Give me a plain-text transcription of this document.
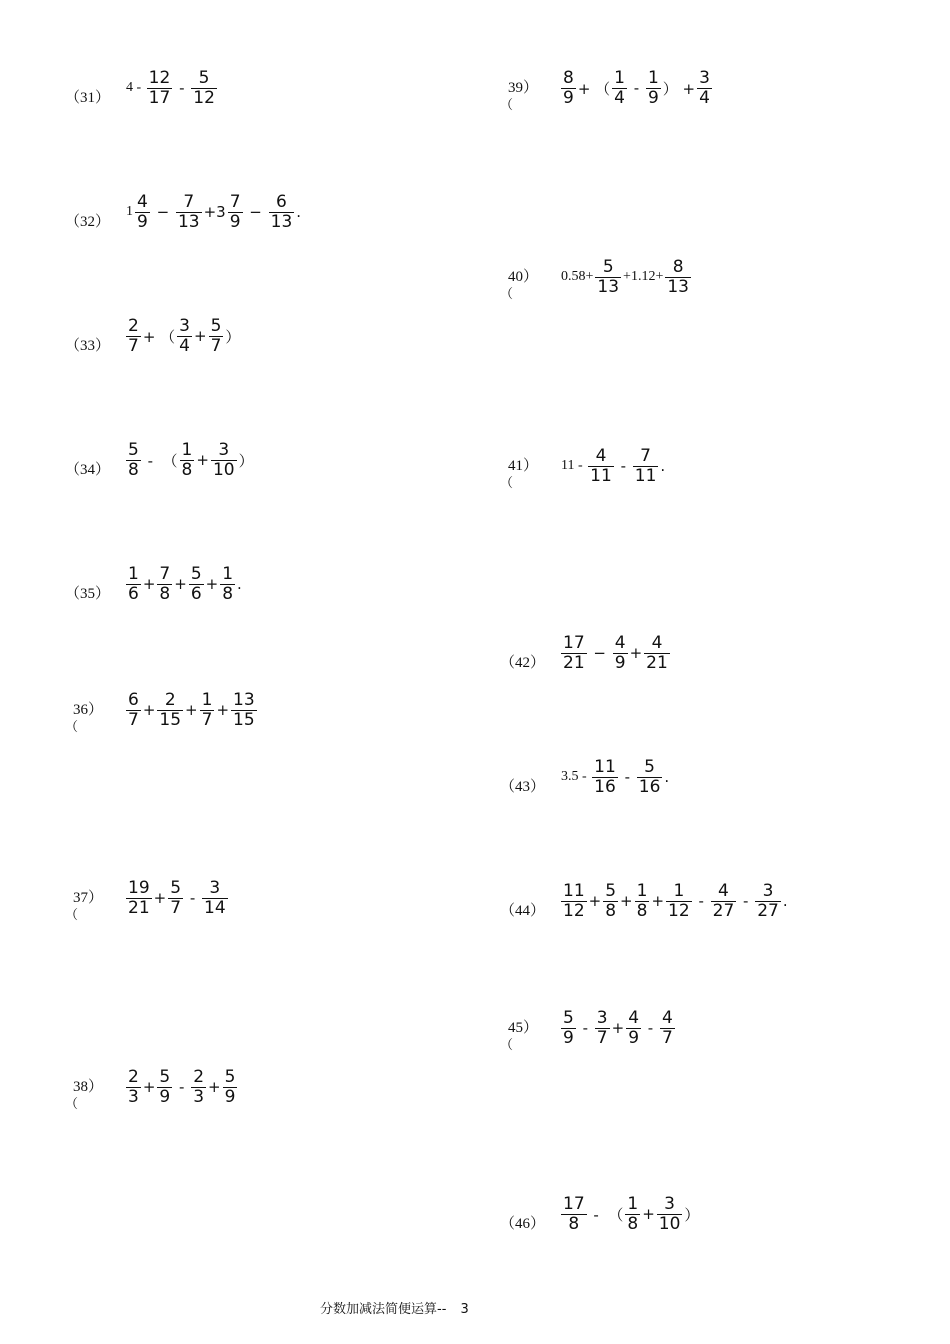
（31）
$4 - \frac{12}{17} - \frac{5}{12}$
（32）
$1 \frac{4}{9} - \frac{7}{13} +3 \frac{7}{9} - \frac{6}{13}$ .
$(33) \frac{2}{7}$ + （ $\frac{3}{4} + \frac{5}{7}$ ）
$(34) \frac{5}{8}$ -  （ $\frac{1}{8} + \frac{3}{10}$ ）
$(35) \frac{1}{6} + \frac{7}{8} + \frac{5}{6} + \frac{1}{8}$ .
36）
（	$\frac{6}{7} + \frac{2}{15} + \frac{1}{7} + \frac{13}{15}$
37）
（	$\frac{19}{21} + \frac{5}{7} - \frac{3}{14}$
38）
（	$\frac{2}{3} + \frac{5}{9} - \frac{2}{3} + \frac{5}{9}$
39）
（	$\frac{8}{9}$ + （ $\frac{1}{4} - \frac{1}{9}$ ） + $\frac{3}{4}$
40）
（
$0.58+ \frac{5}{13} +1.12+ \frac{8}{13}$
41）
（
$11 - \frac{4}{11} - \frac{7}{11}$ .
$(42) \frac{17}{21} - \frac{4}{9} + \frac{4}{21}$
（43）
$3.5 - \frac{11}{16} - \frac{5}{16}$ .
$(44) \frac{11}{12} + \frac{5}{8} + \frac{1}{8} + \frac{1}{12} - \frac{4}{27} - \frac{3}{27}$ .
45）
（	$\frac{5}{9} - \frac{3}{7} + \frac{4}{9} - \frac{4}{7}$
$(46) \frac{17}{8}$ -  （ $\frac{1}{8} + \frac{3}{10}$ ）
分数加减法简便运算-- 3
